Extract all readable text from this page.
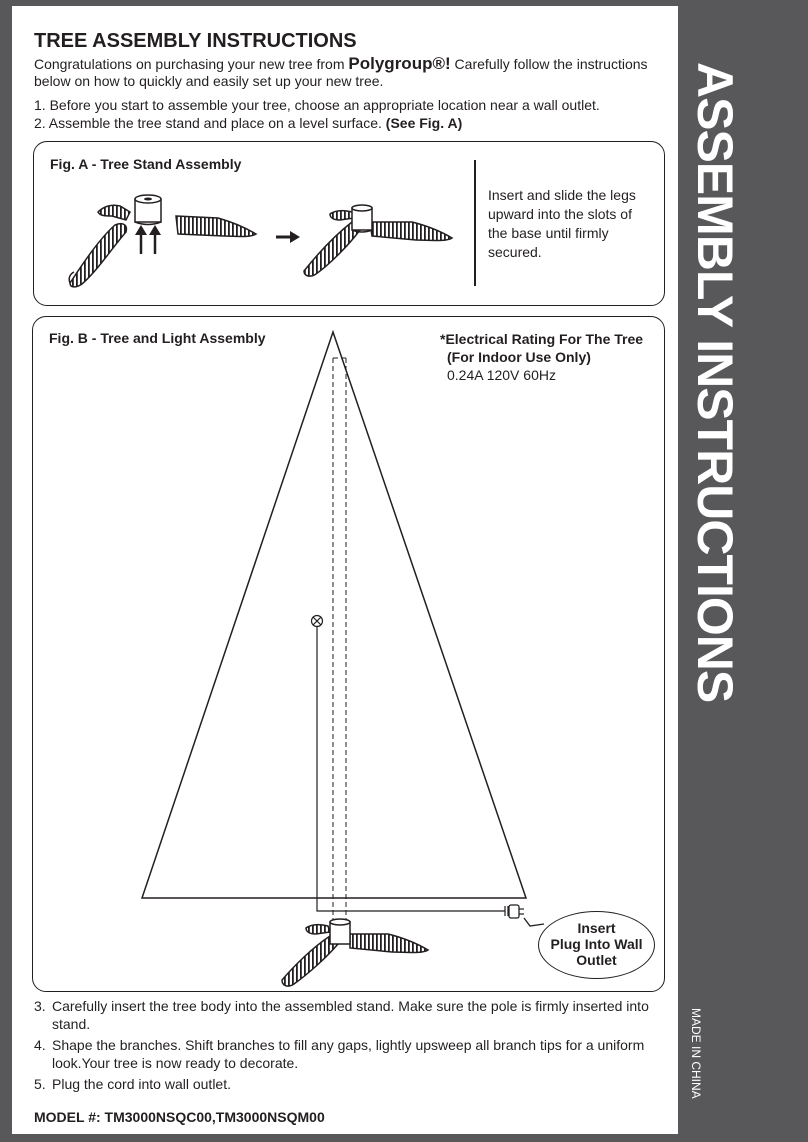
ASSEMBLY INSTRUCTIONS
MADE IN CHINA
TREE ASSEMBLY INSTRUCTIONS
Congratulations on purchasing your new tree from Polygroup®! Carefully follow the instructions below on how to quickly and easily set up your new tree.
1. Before you start to assemble your tree, choose an appropriate location near a wall outlet.
2. Assemble the tree stand and place on a level surface. (See Fig. A)
Fig. A - Tree Stand Assembly
Insert and slide the legs upward into the slots of the base until firmly secured.
Fig. B - Tree and Light Assembly	*Electrical Rating For The Tree
(For Indoor Use Only)
0.24A 120V 60Hz
Insert
Plug Into Wall
Outlet
3. Carefully insert the tree body into the assembled stand. Make sure the pole is firmly inserted into stand.
4. Shape the branches. Shift branches to fill any gaps, lightly upsweep all branch tips for a uniform look.Your tree is now ready to decorate.
5. Plug the cord into wall outlet.
MODEL #: TM3000NSQC00,TM3000NSQM00
